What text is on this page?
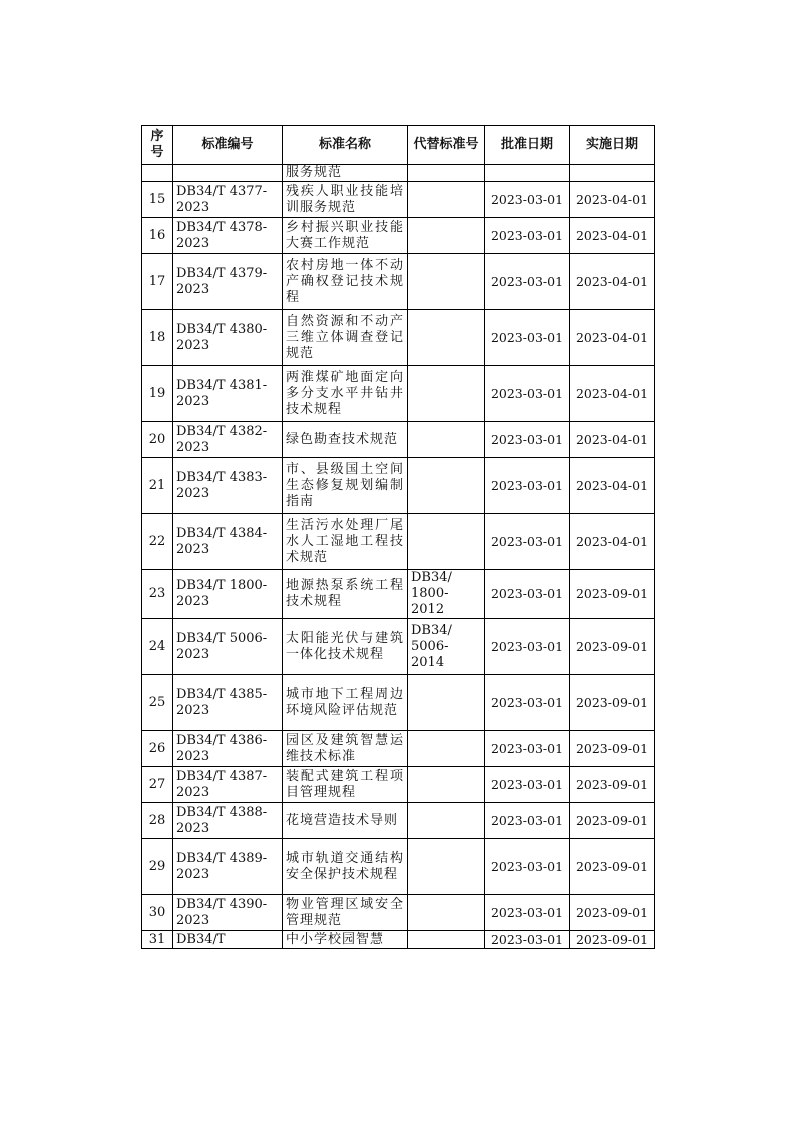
序号	标准编号	标准名称	代替标准号	批准日期	实施日期
		服务规范			
15	DB34/T 4377-2023	残疾人职业技能培训服务规范		2023-03-01	2023-04-01
16	DB34/T 4378-2023	乡村振兴职业技能大赛工作规范		2023-03-01	2023-04-01
17	DB34/T 4379-2023	农村房地一体不动产确权登记技术规程		2023-03-01	2023-04-01
18	DB34/T 4380-2023	自然资源和不动产三维立体调查登记规范		2023-03-01	2023-04-01
19	DB34/T 4381-2023	两淮煤矿地面定向多分支水平井钻井技术规程		2023-03-01	2023-04-01
20	DB34/T 4382-2023	绿色勘查技术规范		2023-03-01	2023-04-01
21	DB34/T 4383-2023	市、县级国土空间生态修复规划编制指南		2023-03-01	2023-04-01
22	DB34/T 4384-2023	生活污水处理厂尾水人工湿地工程技术规范		2023-03-01	2023-04-01
23	DB34/T 1800-2023	地源热泵系统工程技术规程	DB34/ 1800-2012	2023-03-01	2023-09-01
24	DB34/T 5006-2023	太阳能光伏与建筑一体化技术规程	DB34/ 5006-2014	2023-03-01	2023-09-01
25	DB34/T 4385-2023	城市地下工程周边环境风险评估规范		2023-03-01	2023-09-01
26	DB34/T 4386-2023	园区及建筑智慧运维技术标准		2023-03-01	2023-09-01
27	DB34/T 4387-2023	装配式建筑工程项目管理规程		2023-03-01	2023-09-01
28	DB34/T 4388-2023	花境营造技术导则		2023-03-01	2023-09-01
29	DB34/T 4389-2023	城市轨道交通结构安全保护技术规程		2023-03-01	2023-09-01
30	DB34/T 4390-2023	物业管理区域安全管理规范		2023-03-01	2023-09-01
31	DB34/T	中小学校园智慧		2023-03-01	2023-09-01
